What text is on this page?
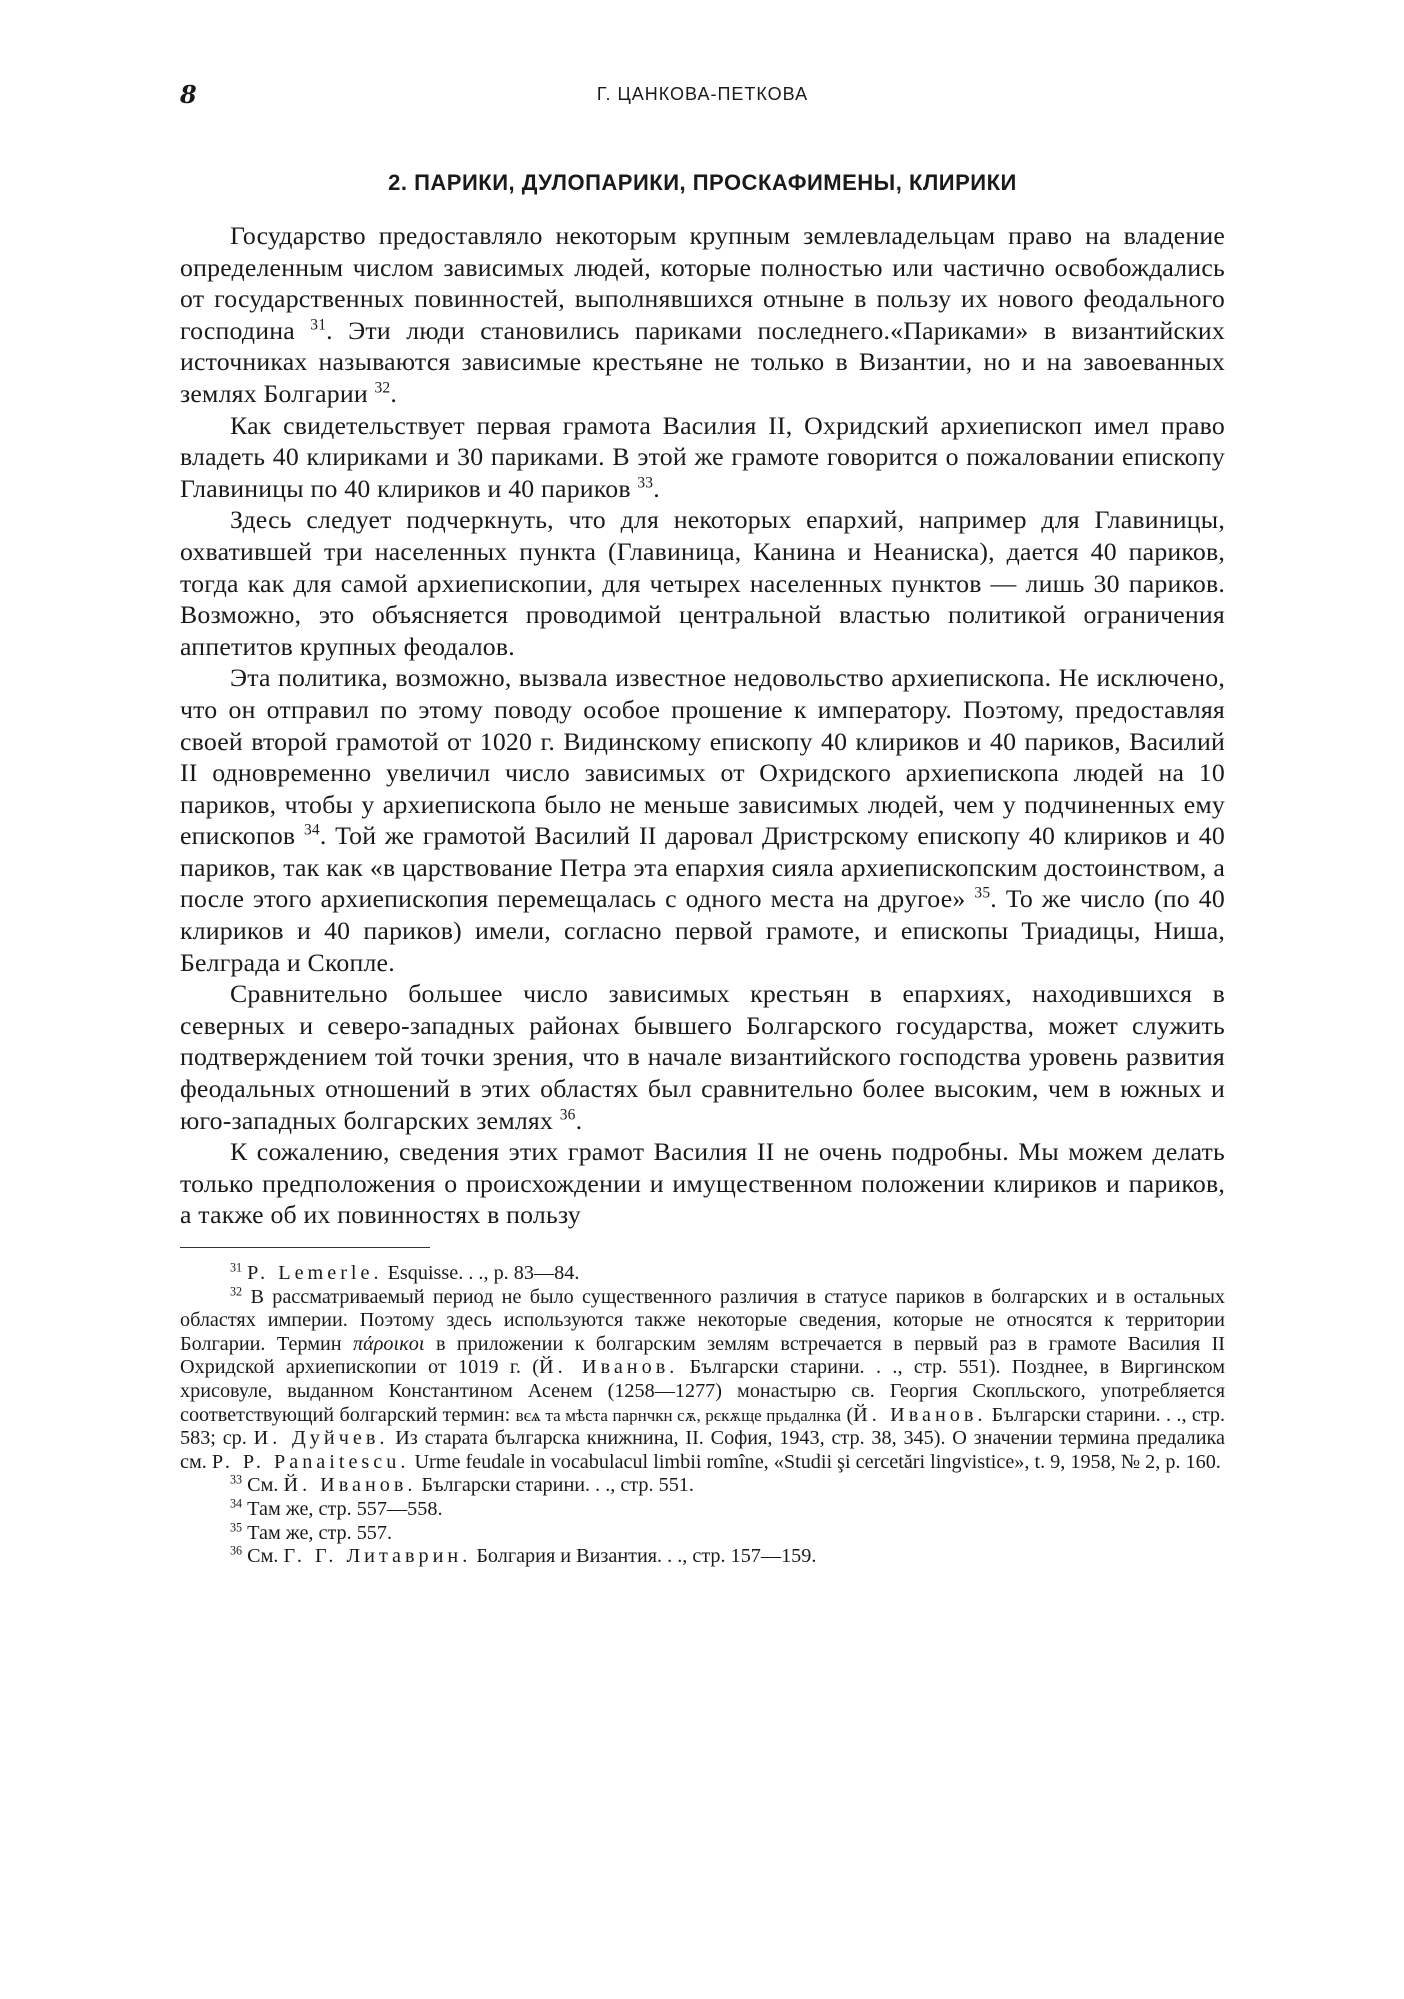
8	Г. ЦАНКОВА-ПЕТКОВА
2. ПАРИКИ, ДУЛОПАРИКИ, ПРОСКАФИМЕНЫ, КЛИРИКИ

Государство предоставляло некоторым крупным землевладельцам право на владение определенным числом зависимых людей, которые полностью или частично освобождались от государственных повинностей, выполнявшихся отныне в пользу их нового феодального господина $^{31}$. Эти люди становились париками последнего.«Париками» в византийских источниках называются зависимые крестьяне не только в Византии, но и на завоеванных землях Болгарии $^{32}$.

Как свидетельствует первая грамота Василия II, Охридский архиепископ имел право владеть 40 клириками и 30 париками. В этой же грамоте говорится о пожаловании епископу Главиницы по 40 клириков и 40 париков $^{33}$.

Здесь следует подчеркнуть, что для некоторых епархий, например для Главиницы, охватившей три населенных пункта (Главиница, Канина и Неаниска), дается 40 париков, тогда как для самой архиепископии, для четырех населенных пунктов — лишь 30 париков. Возможно, это объясняется проводимой центральной властью политикой ограничения аппетитов крупных феодалов.

Эта политика, возможно, вызвала известное недовольство архиепископа. Не исключено, что он отправил по этому поводу особое прошение к императору. Поэтому, предоставляя своей второй грамотой от 1020 г. Видинскому епископу 40 клириков и 40 париков, Василий II одновременно увеличил число зависимых от Охридского архиепископа людей на 10 париков, чтобы у архиепископа было не меньше зависимых людей, чем у подчиненных ему епископов $^{34}$. Той же грамотой Василий II даровал Дристрскому епископу 40 клириков и 40 париков, так как «в царствование Петра эта епархия сияла архиепископским достоинством, а после этого архиепископия перемещалась с одного места на другое» $^{35}$. То же число (по 40 клириков и 40 париков) имели, согласно первой грамоте, и епископы Триадицы, Ниша, Белграда и Скопле.

Сравнительно большее число зависимых крестьян в епархиях, находившихся в северных и северо-западных районах бывшего Болгарского государства, может служить подтверждением той точки зрения, что в начале византийского господства уровень развития феодальных отношений в этих областях был сравнительно более высоким, чем в южных и юго-западных болгарских землях $^{36}$.

К сожалению, сведения этих грамот Василия II не очень подробны. Мы можем делать только предположения о происхождении и имущественном положении клириков и париков, а также об их повинностях в пользу

$^{31}$ P. Lemerle. Esquisse. . ., p. 83—84.

$^{32}$ В рассматриваемый период не было существенного различия в статусе париков в болгарских и в остальных областях империи. Поэтому здесь используются также некоторые сведения, которые не относятся к территории Болгарии. Термин πάροικοι в приложении к болгарским землям встречается в первый раз в грамоте Василия II Охридской архиепископии от 1019 г. (Й. Иванов. Български старини. . ., стр. 551). Позднее, в Виргинском хрисовуле, выданном Константином Асенем (1258—1277) монастырю св. Георгия Скопльского, употребляется соответствующий болгарский термин: вєѧ та мѣста парнчкн сѫ, рєкѫще прьдалнка (Й. Иванов. Български старини. . ., стр. 583; ср. И. Дуйчев. Из старата българска книжнина, II. София, 1943, стр. 38, 345). О значении термина предалика см. P. P. Panaitescu. Urme feudale in vocabulacul limbii romîne, «Studii şi cercetări lingvistice», t. 9, 1958, № 2, p. 160.

$^{33}$ См. Й. Иванов. Български старини. . ., стр. 551.

$^{34}$ Там же, стр. 557—558.

$^{35}$ Там же, стр. 557.

$^{36}$ См. Г. Г. Литаврин. Болгария и Византия. . ., стр. 157—159.
